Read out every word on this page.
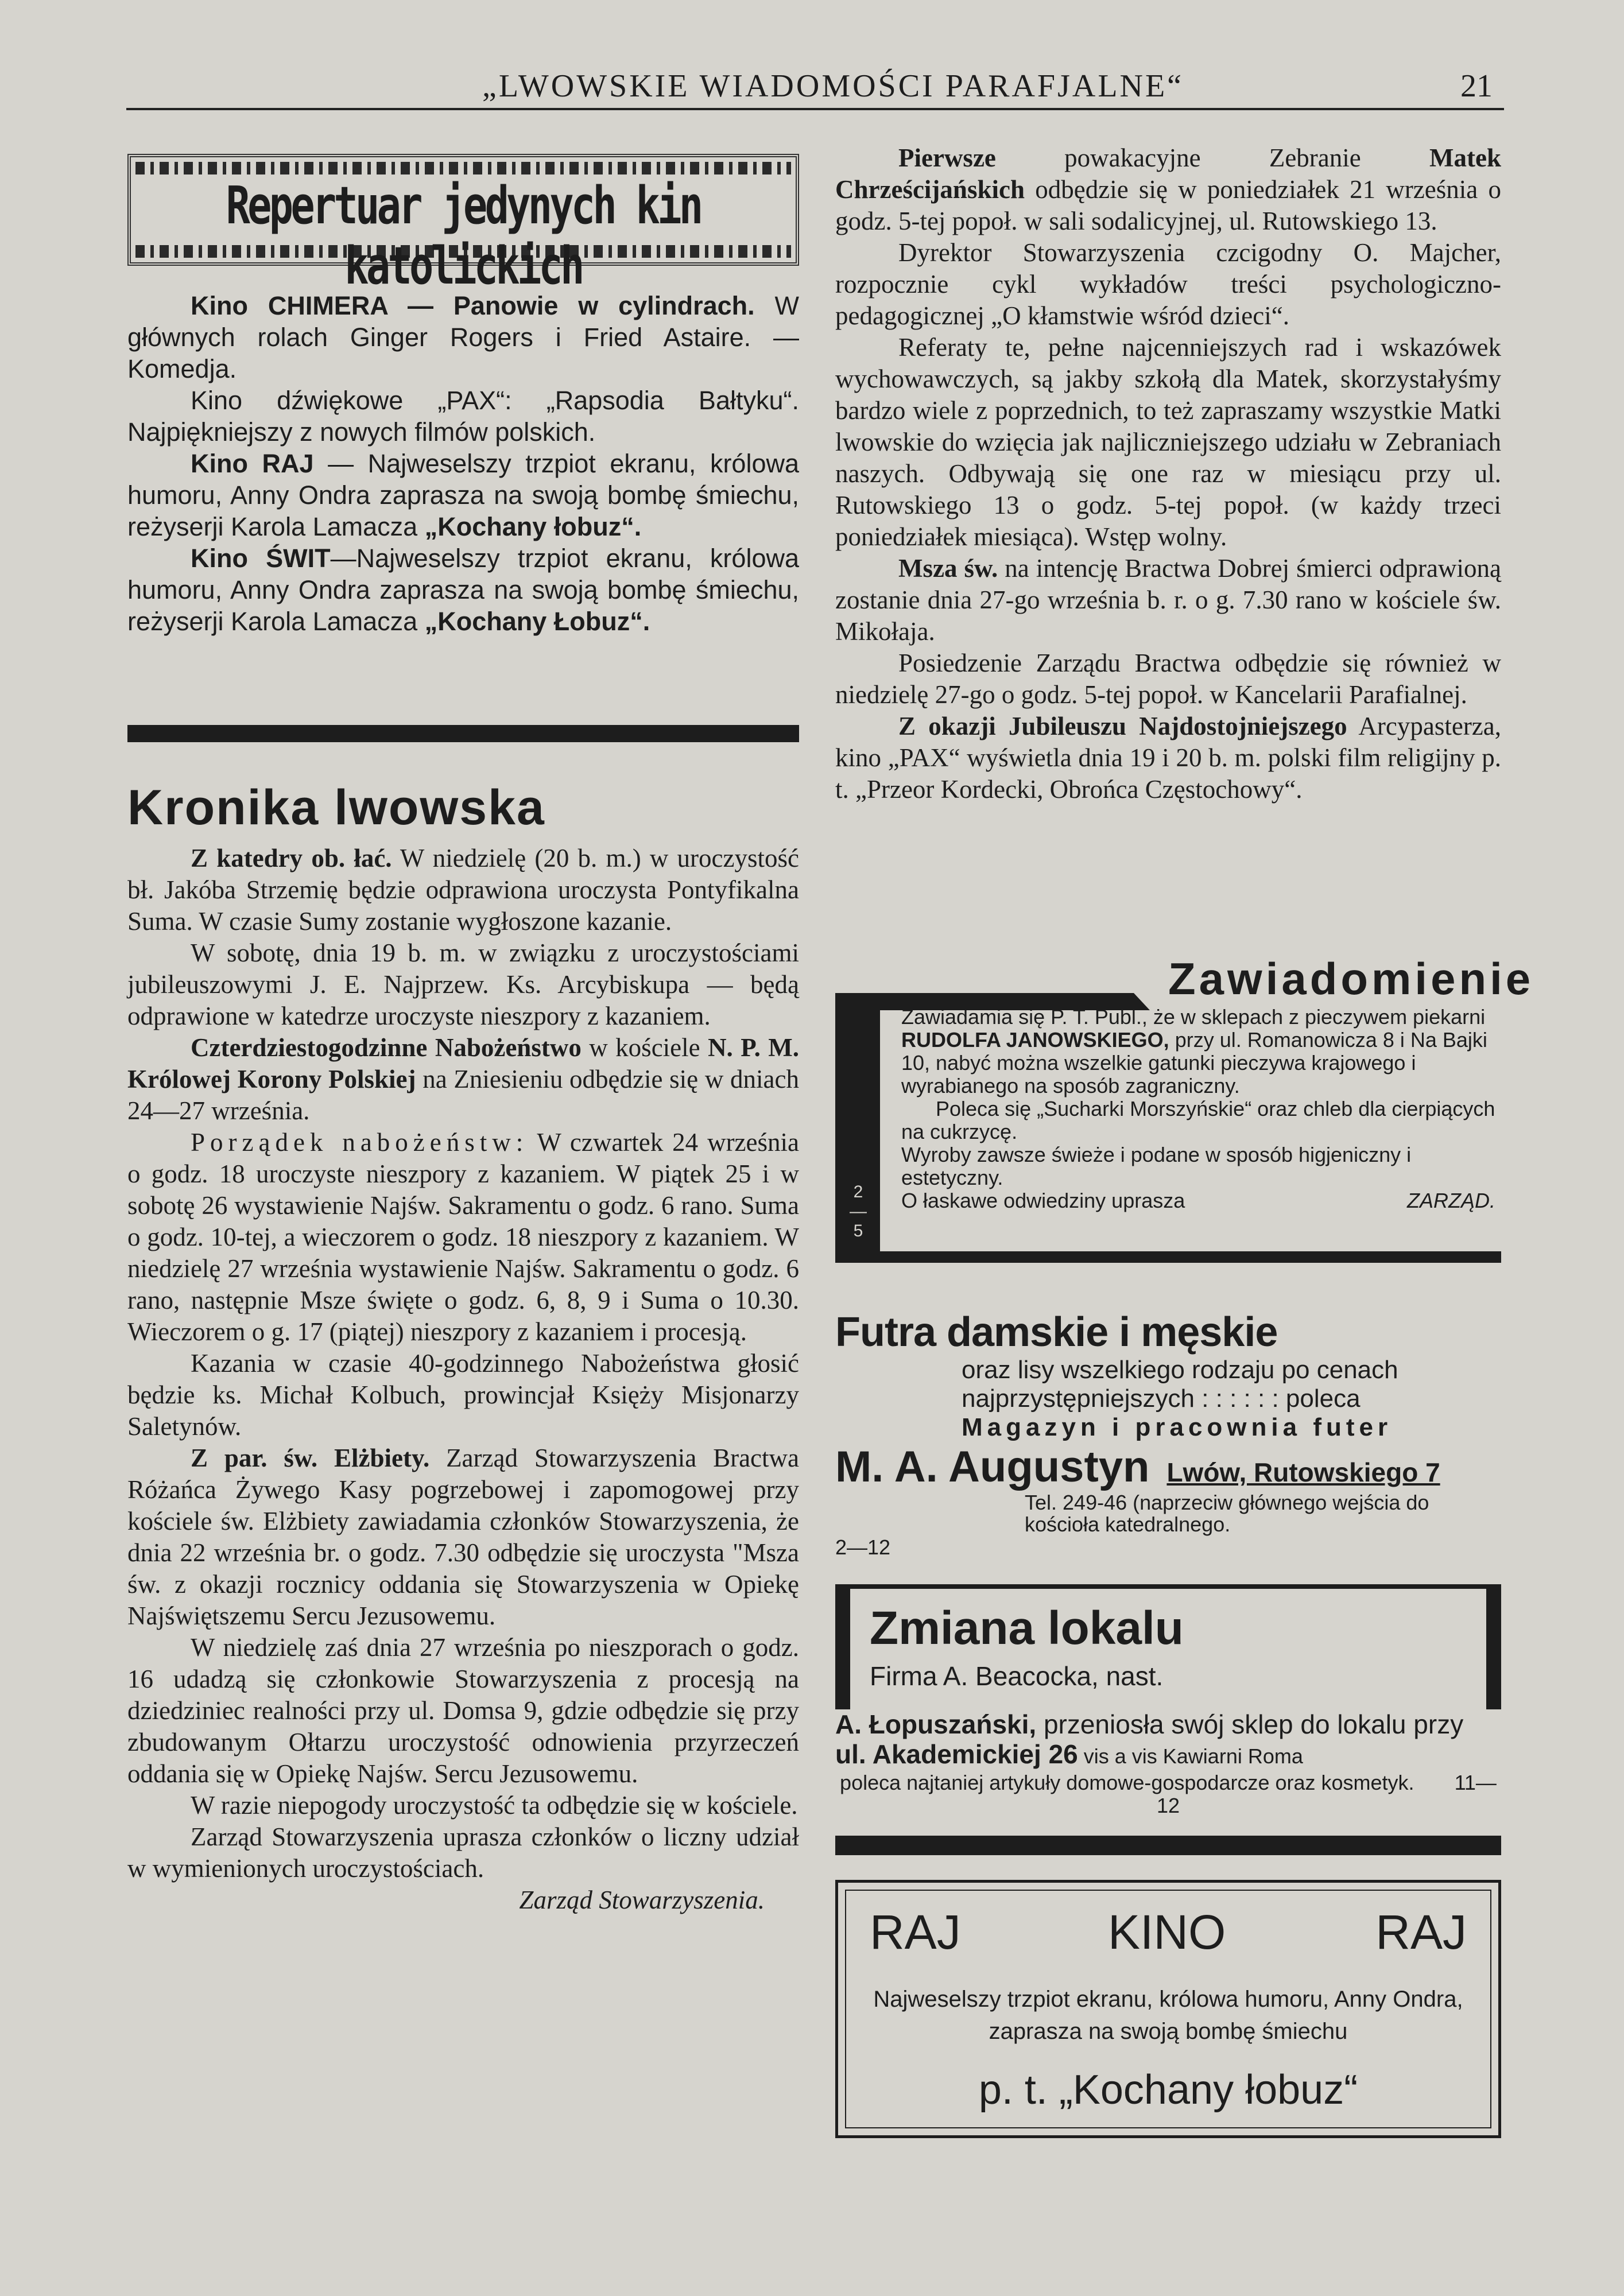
„LWOWSKIE WIADOMOŚCI PARAFJALNE“	21
Repertuar jedynych kin katolickich

Kino CHIMERA — Panowie w cylindrach. W głównych rolach Ginger Rogers i Fried Astaire. — Komedja.

Kino dźwiękowe „PAX“: „Rapsodia Bałtyku“. Najpiękniejszy z nowych filmów polskich.

Kino RAJ — Najweselszy trzpiot ekranu, królowa humoru, Anny Ondra zaprasza na swoją bombę śmiechu, reżyserji Karola Lamacza „Kochany łobuz“.

Kino ŚWIT—Najweselszy trzpiot ekranu, królowa humoru, Anny Ondra zaprasza na swoją bombę śmiechu, reżyserji Karola Lamacza „Kochany Łobuz“.

Kronika lwowska

Z katedry ob. łać. W niedzielę (20 b. m.) w uroczystość bł. Jakóba Strzemię będzie odprawiona uroczysta Pontyfikalna Suma. W czasie Sumy zostanie wygłoszone kazanie.

W sobotę, dnia 19 b. m. w związku z uroczystościami jubileuszowymi J. E. Najprzew. Ks. Arcybiskupa — będą odprawione w katedrze uroczyste nieszpory z kazaniem.

Czterdziestogodzinne Nabożeństwo w kościele N. P. M. Królowej Korony Polskiej na Zniesieniu odbędzie się w dniach 24—27 września.

Porządek nabożeństw: W czwartek 24 września o godz. 18 uroczyste nieszpory z kazaniem. W piątek 25 i w sobotę 26 wystawienie Najśw. Sakramentu o godz. 6 rano. Suma o godz. 10-tej, a wieczorem o godz. 18 nieszpory z kazaniem. W niedzielę 27 września wystawienie Najśw. Sakramentu o godz. 6 rano, następnie Msze święte o godz. 6, 8, 9 i Suma o 10.30. Wieczorem o g. 17 (piątej) nieszpory z kazaniem i procesją.

Kazania w czasie 40-godzinnego Nabożeństwa głosić będzie ks. Michał Kolbuch, prowincjał Księży Misjonarzy Saletynów.

Z par. św. Elżbiety. Zarząd Stowarzyszenia Bractwa Różańca Żywego Kasy pogrzebowej i zapomogowej przy kościele św. Elżbiety zawiadamia członków Stowarzyszenia, że dnia 22 września br. o godz. 7.30 odbędzie się uroczysta "Msza św. z okazji rocznicy oddania się Stowarzyszenia w Opiekę Najświętszemu Sercu Jezusowemu.

W niedzielę zaś dnia 27 września po nieszporach o godz. 16 udadzą się członkowie Stowarzyszenia z procesją na dziedziniec realności przy ul. Domsa 9, gdzie odbędzie się przy zbudowanym Ołtarzu uroczystość odnowienia przyrzeczeń oddania się w Opiekę Najśw. Sercu Jezusowemu.

W razie niepogody uroczystość ta odbędzie się w kościele.

Zarząd Stowarzyszenia uprasza członków o liczny udział w wymienionych uroczystościach.

Zarząd Stowarzyszenia.

Pierwsze powakacyjne Zebranie Matek Chrześcijańskich odbędzie się w poniedziałek 21 września o godz. 5-tej popoł. w sali sodalicyjnej, ul. Rutowskiego 13.

Dyrektor Stowarzyszenia czcigodny O. Majcher, rozpocznie cykl wykładów treści psychologiczno-pedagogicznej „O kłamstwie wśród dzieci“.

Referaty te, pełne najcenniejszych rad i wskazówek wychowawczych, są jakby szkołą dla Matek, skorzystałyśmy bardzo wiele z poprzednich, to też zapraszamy wszystkie Matki lwowskie do wzięcia jak najliczniejszego udziału w Zebraniach naszych. Odbywają się one raz w miesiącu przy ul. Rutowskiego 13 o godz. 5-tej popoł. (w każdy trzeci poniedziałek miesiąca). Wstęp wolny.

Msza św. na intencję Bractwa Dobrej śmierci odprawioną zostanie dnia 27-go września b. r. o g. 7.30 rano w kościele św. Mikołaja.

Posiedzenie Zarządu Bractwa odbędzie się również w niedzielę 27-go o godz. 5-tej popoł. w Kancelarii Parafialnej.

Z okazji Jubileuszu Najdostojniejszego Arcypasterza, kino „PAX“ wyświetla dnia 19 i 20 b. m. polski film religijny p. t. „Przeor Kordecki, Obrońca Częstochowy“.

2—5
Zawiadomienie
Zawiadamia się P. T. Publ., że w sklepach z pieczywem piekarni RUDOLFA JANOWSKIEGO, przy ul. Romanowicza 8 i Na Bajki 10, nabyć można wszelkie gatunki pieczywa krajowego i wyrabianego na sposób zagraniczny.
Poleca się „Sucharki Morszyńskie“ oraz chleb dla cierpiących na cukrzycę.
Wyroby zawsze świeże i podane w sposób higjeniczny i estetyczny.
O łaskawe odwiedziny uprasza	ZARZĄD.
Futra damskie i męskie
oraz lisy wszelkiego rodzaju po cenach najprzystępniejszych : : : : : : poleca
Magazyn i pracownia futer
M. A. Augustyn Lwów, Rutowskiego 7
Tel. 249-46 (naprzeciw głównego wejścia do kościoła katedralnego.
2—12
Zmiana lokalu
Firma A. Beacocka, nast.
A. Łopuszański, przeniosła swój sklep do lokalu przy ul. Akademickiej 26 vis a vis Kawiarni Roma
poleca najtaniej artykuły domowe-gospodarcze oraz kosmetyk. 11—12
RAJ	KINO	RAJ
Najweselszy trzpiot ekranu, królowa humoru, Anny Ondra, zaprasza na swoją bombę śmiechu
p. t. „Kochany łobuz“
